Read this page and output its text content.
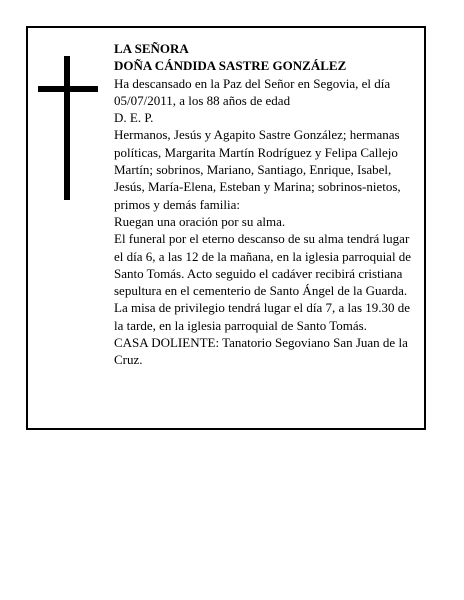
LA SEÑORA

DOÑA CÁNDIDA SASTRE GONZÁLEZ

Ha descansado en la Paz del Señor en Segovia, el día 05/07/2011, a los 88 años de edad

D. E. P.

Hermanos, Jesús y Agapito Sastre González; hermanas políticas, Margarita Martín Rodríguez y Felipa Callejo Martín; sobrinos, Mariano, Santiago, Enrique, Isabel, Jesús, María-Elena, Esteban y Marina; sobrinos-nietos, primos y demás familia:

Ruegan una oración por su alma.

El funeral por el eterno descanso de su alma tendrá lugar el día 6, a las 12 de la mañana, en la iglesia parroquial de Santo Tomás. Acto seguido el cadáver recibirá cristiana sepultura en el cementerio de Santo Ángel de la Guarda.

La misa de privilegio tendrá lugar el día 7, a las 19.30 de la tarde, en la iglesia parroquial de Santo Tomás.

CASA DOLIENTE: Tanatorio Segoviano San Juan de la Cruz.
